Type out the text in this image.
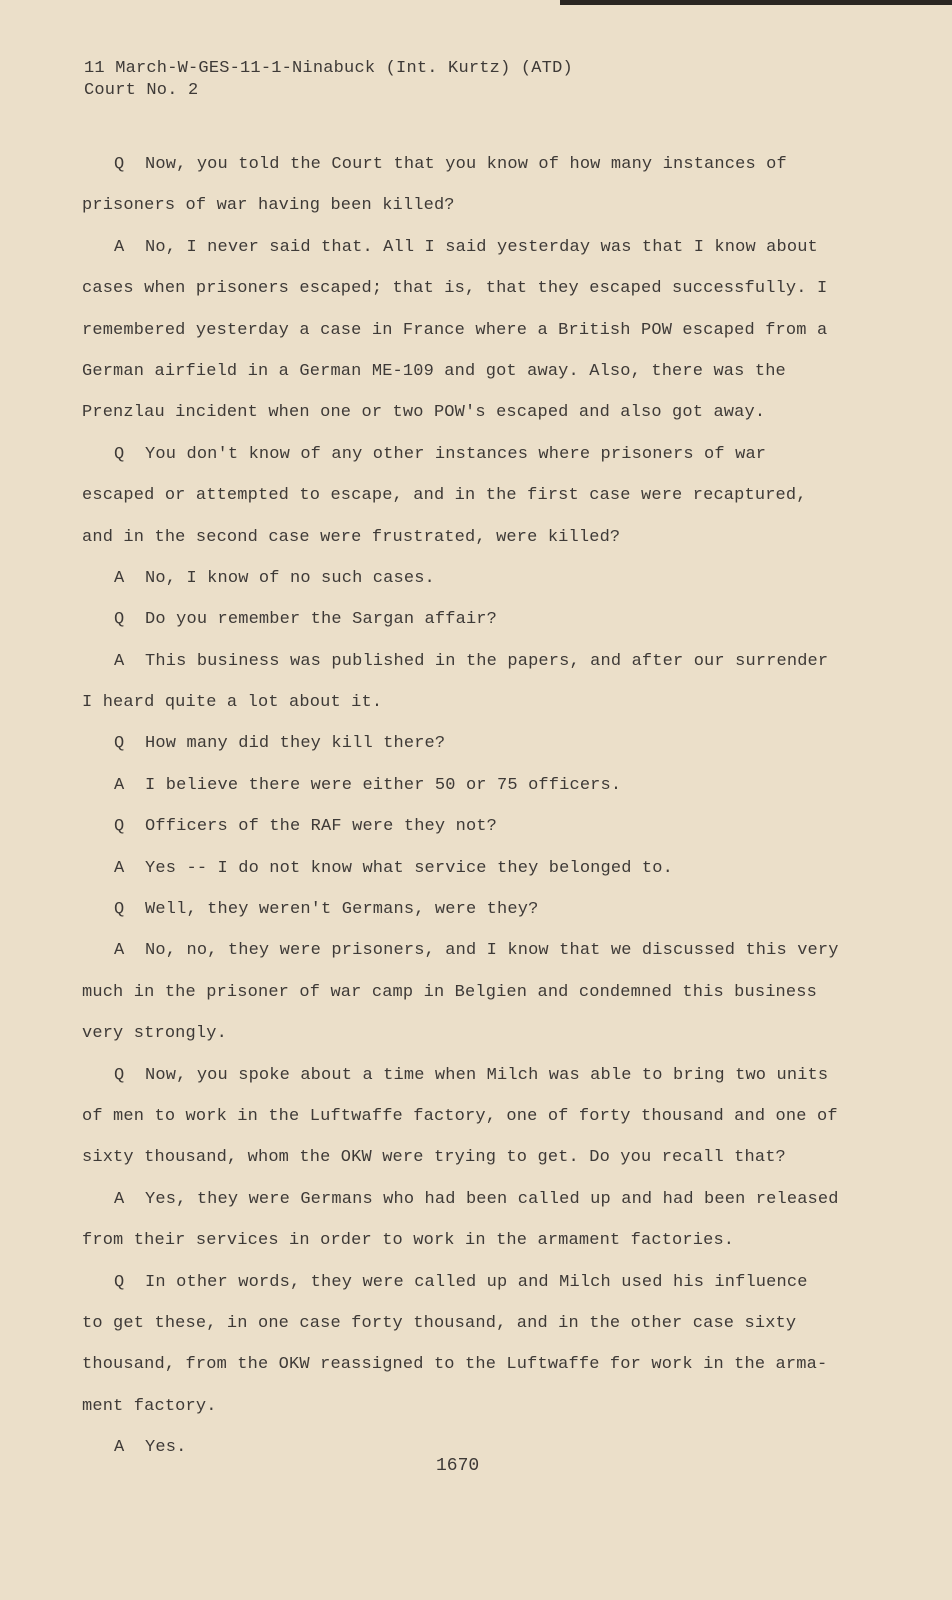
11 March-W-GES-11-1-Ninabuck (Int. Kurtz) (ATD)
Court No. 2
Q  Now, you told the Court that you know of how many instances of
prisoners of war having been killed?
A  No, I never said that. All I said yesterday was that I know about
cases when prisoners escaped; that is, that they escaped successfully. I
remembered yesterday a case in France where a British POW escaped from a
German airfield in a German ME-109 and got away. Also, there was the
Prenzlau incident when one or two POW's escaped and also got away.
Q  You don't know of any other instances where prisoners of war
escaped or attempted to escape, and in the first case were recaptured,
and in the second case were frustrated, were killed?
A  No, I know of no such cases.
Q  Do you remember the Sargan affair?
A  This business was published in the papers, and after our surrender
I heard quite a lot about it.
Q  How many did they kill there?
A  I believe there were either 50 or 75 officers.
Q  Officers of the RAF were they not?
A  Yes -- I do not know what service they belonged to.
Q  Well, they weren't Germans, were they?
A  No, no, they were prisoners, and I know that we discussed this very
much in the prisoner of war camp in Belgien and condemned this business
very strongly.
Q  Now, you spoke about a time when Milch was able to bring two units
of men to work in the Luftwaffe factory, one of forty thousand and one of
sixty thousand, whom the OKW were trying to get. Do you recall that?
A  Yes, they were Germans who had been called up and had been released
from their services in order to work in the armament factories.
Q  In other words, they were called up and Milch used his influence
to get these, in one case forty thousand, and in the other case sixty
thousand, from the OKW reassigned to the Luftwaffe for work in the arma-
ment factory.
A  Yes.
1670
